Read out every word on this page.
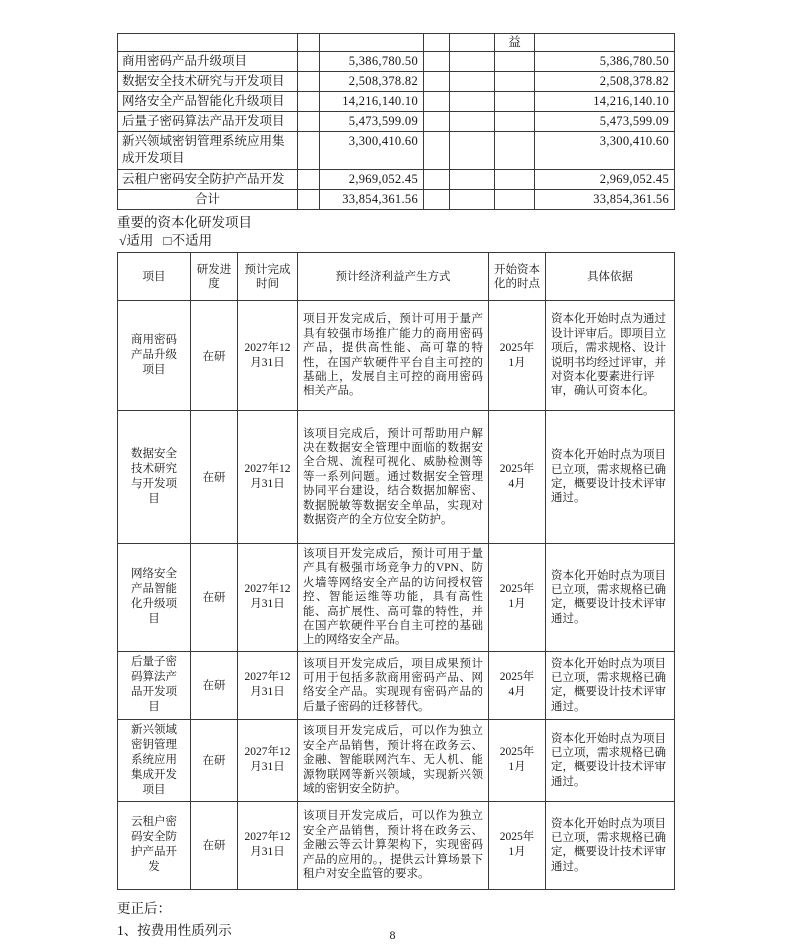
					益	
商用密码产品升级项目		5,386,780.50				5,386,780.50
数据安全技术研究与开发项目		2,508,378.82				2,508,378.82
网络安全产品智能化升级项目		14,216,140.10				14,216,140.10
后量子密码算法产品开发项目		5,473,599.09				5,473,599.09
新兴领域密钥管理系统应用集成开发项目		3,300,410.60				3,300,410.60
云租户密码安全防护产品开发		2,969,052.45				2,969,052.45
合计		33,854,361.56				33,854,361.56
重要的资本化研发项目
√适用 □不适用
项目	研发进度	预计完成时间	预计经济利益产生方式	开始资本化的时点	具体依据
商用密码产品升级项目	在研	2027年12月31日	项目开发完成后，预计可用于量产具有较强市场推广能力的商用密码产品，提供高性能、高可靠的特性，在国产软硬件平台自主可控的基础上，发展自主可控的商用密码相关产品。	2025年1月	资本化开始时点为通过设计评审后。即项目立项后，需求规格、设计说明书均经过评审，并对资本化要素进行评审，确认可资本化。
数据安全技术研究与开发项目	在研	2027年12月31日	该项目完成后，预计可帮助用户解决在数据安全管理中面临的数据安全合规、流程可视化、威胁检测等等一系列问题。通过数据安全管理协同平台建设，结合数据加解密、数据脱敏等数据安全单品，实现对数据资产的全方位安全防护。	2025年4月	资本化开始时点为项目已立项，需求规格已确定，概要设计技术评审通过。
网络安全产品智能化升级项目	在研	2027年12月31日	该项目开发完成后，预计可用于量产具有极强市场竞争力的VPN、防火墙等网络安全产品的访问授权管控、智能运维等功能，具有高性能、高扩展性、高可靠的特性，并在国产软硬件平台自主可控的基础上的网络安全产品。	2025年1月	资本化开始时点为项目已立项，需求规格已确定，概要设计技术评审通过。
后量子密码算法产品开发项目	在研	2027年12月31日	该项目开发完成后，项目成果预计可用于包括多款商用密码产品、网络安全产品。实现现有密码产品的后量子密码的迁移替代。	2025年4月	资本化开始时点为项目已立项，需求规格已确定，概要设计技术评审通过。
新兴领域密钥管理系统应用集成开发项目	在研	2027年12月31日	该项目开发完成后，可以作为独立安全产品销售，预计将在政务云、金融、智能联网汽车、无人机、能源物联网等新兴领域，实现新兴领域的密钥安全防护。	2025年1月	资本化开始时点为项目已立项，需求规格已确定，概要设计技术评审通过。
云租户密码安全防护产品开发	在研	2027年12月31日	该项目开发完成后，可以作为独立安全产品销售，预计将在政务云、金融云等云计算架构下，实现密码产品的应用的。，提供云计算场景下租户对安全监管的要求。	2025年1月	资本化开始时点为项目已立项，需求规格已确定，概要设计技术评审通过。
更正后：
1、按费用性质列示	8
